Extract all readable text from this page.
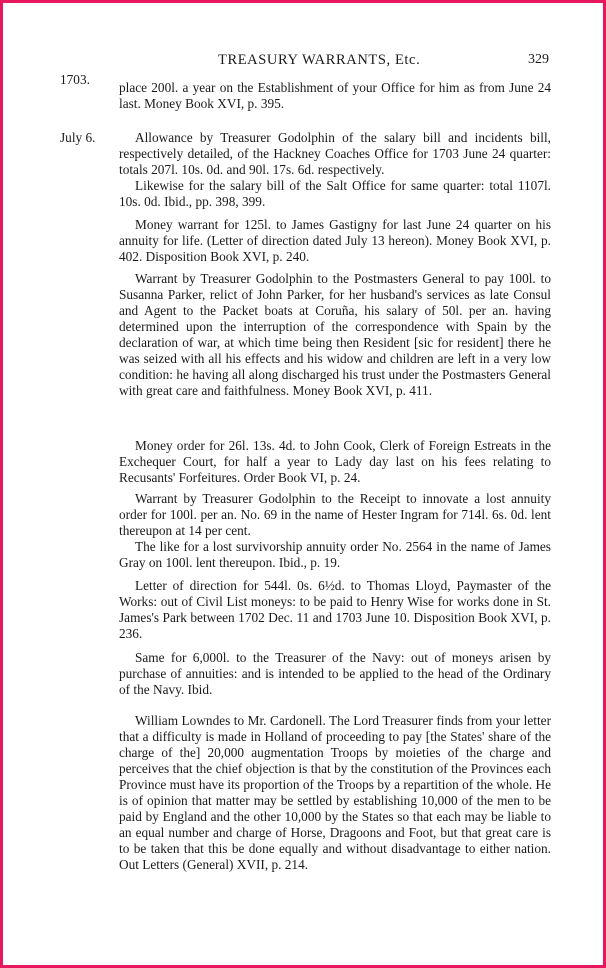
TREASURY WARRANTS, Etc.	329
1703.

place 200l. a year on the Establishment of your Office for him as from June 24 last. Money Book XVI, p. 395.

July 6.	Allowance by Treasurer Godolphin of the salary bill and incidents bill, respectively detailed, of the Hackney Coaches Office for 1703 June 24 quarter: totals 207l. 10s. 0d. and 90l. 17s. 6d. respectively.

Likewise for the salary bill of the Salt Office for same quarter: total 1107l. 10s. 0d. Ibid., pp. 398, 399.

Money warrant for 125l. to James Gastigny for last June 24 quarter on his annuity for life. (Letter of direction dated July 13 hereon). Money Book XVI, p. 402. Disposition Book XVI, p. 240.

Warrant by Treasurer Godolphin to the Postmasters General to pay 100l. to Susanna Parker, relict of John Parker, for her husband's services as late Consul and Agent to the Packet boats at Coruña, his salary of 50l. per an. having determined upon the interruption of the correspondence with Spain by the declaration of war, at which time being then Resident [sic for resident] there he was seized with all his effects and his widow and children are left in a very low condition: he having all along discharged his trust under the Postmasters General with great care and faithfulness. Money Book XVI, p. 411.

Money order for 26l. 13s. 4d. to John Cook, Clerk of Foreign Estreats in the Exchequer Court, for half a year to Lady day last on his fees relating to Recusants' Forfeitures. Order Book VI, p. 24.

Warrant by Treasurer Godolphin to the Receipt to innovate a lost annuity order for 100l. per an. No. 69 in the name of Hester Ingram for 714l. 6s. 0d. lent thereupon at 14 per cent.

The like for a lost survivorship annuity order No. 2564 in the name of James Gray on 100l. lent thereupon. Ibid., p. 19.

Letter of direction for 544l. 0s. 6½d. to Thomas Lloyd, Paymaster of the Works: out of Civil List moneys: to be paid to Henry Wise for works done in St. James's Park between 1702 Dec. 11 and 1703 June 10. Disposition Book XVI, p. 236.

Same for 6,000l. to the Treasurer of the Navy: out of moneys arisen by purchase of annuities: and is intended to be applied to the head of the Ordinary of the Navy. Ibid.

William Lowndes to Mr. Cardonell. The Lord Treasurer finds from your letter that a difficulty is made in Holland of proceeding to pay [the States' share of the charge of the] 20,000 augmentation Troops by moieties of the charge and perceives that the chief objection is that by the constitution of the Provinces each Province must have its proportion of the Troops by a repartition of the whole. He is of opinion that matter may be settled by establishing 10,000 of the men to be paid by England and the other 10,000 by the States so that each may be liable to an equal number and charge of Horse, Dragoons and Foot, but that great care is to be taken that this be done equally and without disadvantage to either nation. Out Letters (General) XVII, p. 214.
